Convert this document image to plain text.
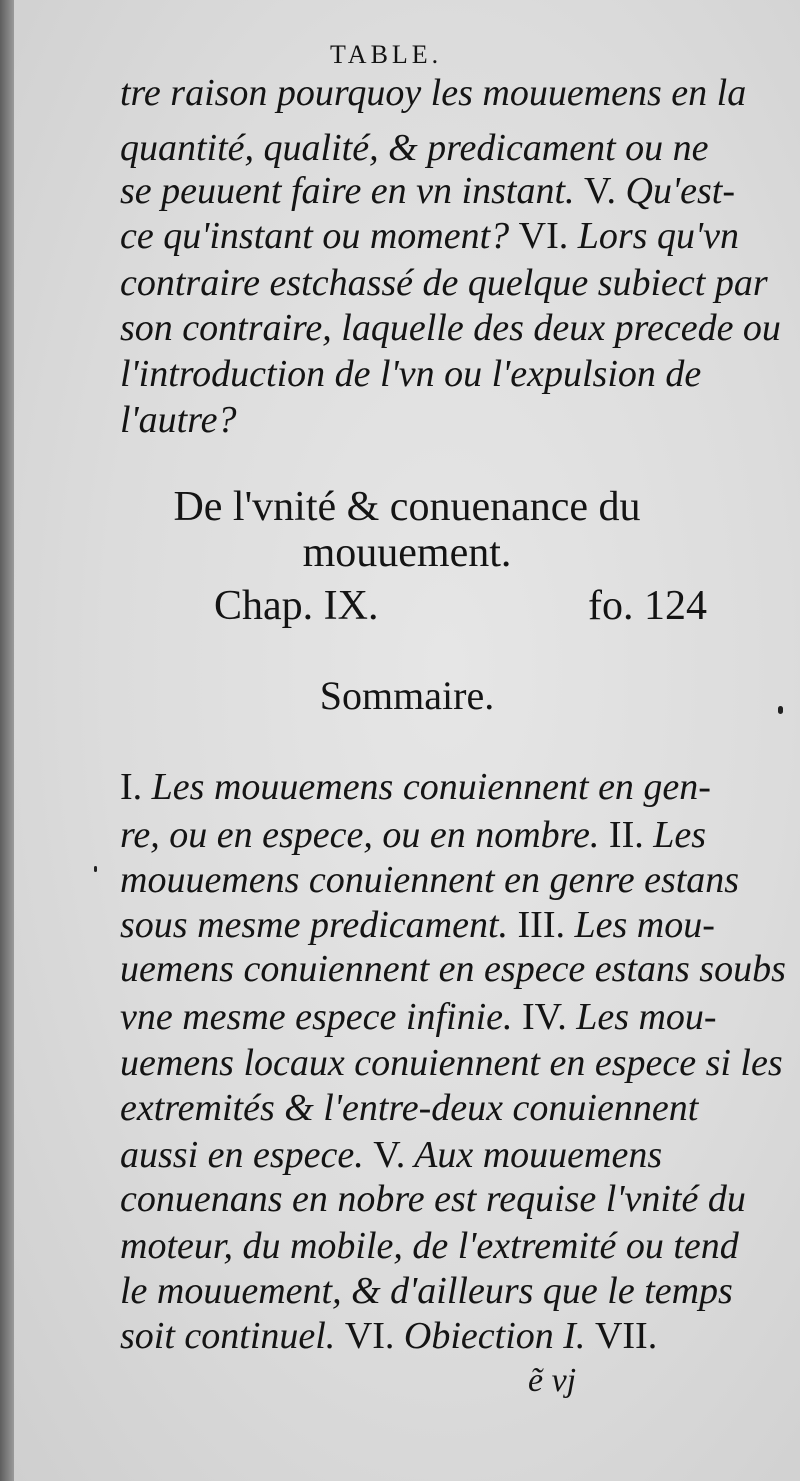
TABLE.
tre raison pourquoy les mouuemens en la
quantité, qualité, & predicament ou ne
se peuuent faire en vn instant. V. Qu'est-
ce qu'instant ou moment? VI. Lors qu'vn
contraire estchassé de quelque subiect par
son contraire, laquelle des deux precede ou
l'introduction de l'vn ou l'expulsion de
l'autre?
De l'vnité & conuenance du
mouuement.
Chap. IX.	fo. 124
Sommaire.
I. Les mouuemens conuiennent en gen-
re, ou en espece, ou en nombre. II. Les
mouuemens conuiennent en genre estans
sous mesme predicament. III. Les mou-
uemens conuiennent en espece estans soubs
vne mesme espece infinie. IV. Les mou-
uemens locaux conuiennent en espece si les
extremités & l'entre-deux conuiennent
aussi en espece. V. Aux mouuemens
conuenans en nobre est requise l'vnité du
moteur, du mobile, de l'extremité ou tend
le mouuement, & d'ailleurs que le temps
soit continuel. VI. Obiection I. VII.
ẽ vj
